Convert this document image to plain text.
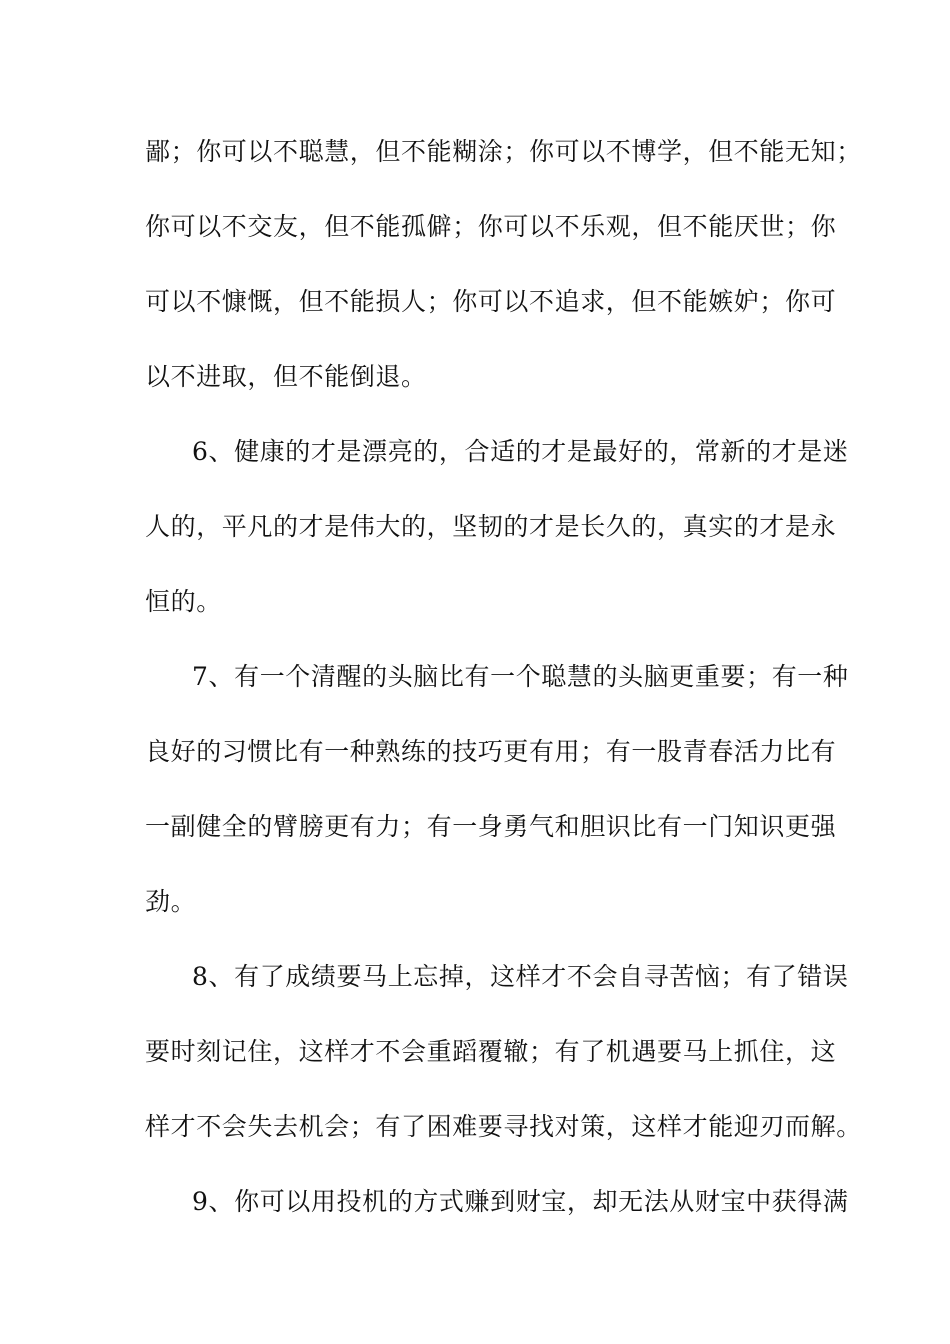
鄙；你可以不聪慧，但不能糊涂；你可以不博学，但不能无知；
你可以不交友，但不能孤僻；你可以不乐观，但不能厌世；你
可以不慷慨，但不能损人；你可以不追求，但不能嫉妒；你可
以不进取，但不能倒退。
6、健康的才是漂亮的，合适的才是最好的，常新的才是迷
人的，平凡的才是伟大的，坚韧的才是长久的，真实的才是永
恒的。
7、有一个清醒的头脑比有一个聪慧的头脑更重要；有一种
良好的习惯比有一种熟练的技巧更有用；有一股青春活力比有
一副健全的臂膀更有力；有一身勇气和胆识比有一门知识更强
劲。
8、有了成绩要马上忘掉，这样才不会自寻苦恼；有了错误
要时刻记住，这样才不会重蹈覆辙；有了机遇要马上抓住，这
样才不会失去机会；有了困难要寻找对策，这样才能迎刃而解。
9、你可以用投机的方式赚到财宝，却无法从财宝中获得满
